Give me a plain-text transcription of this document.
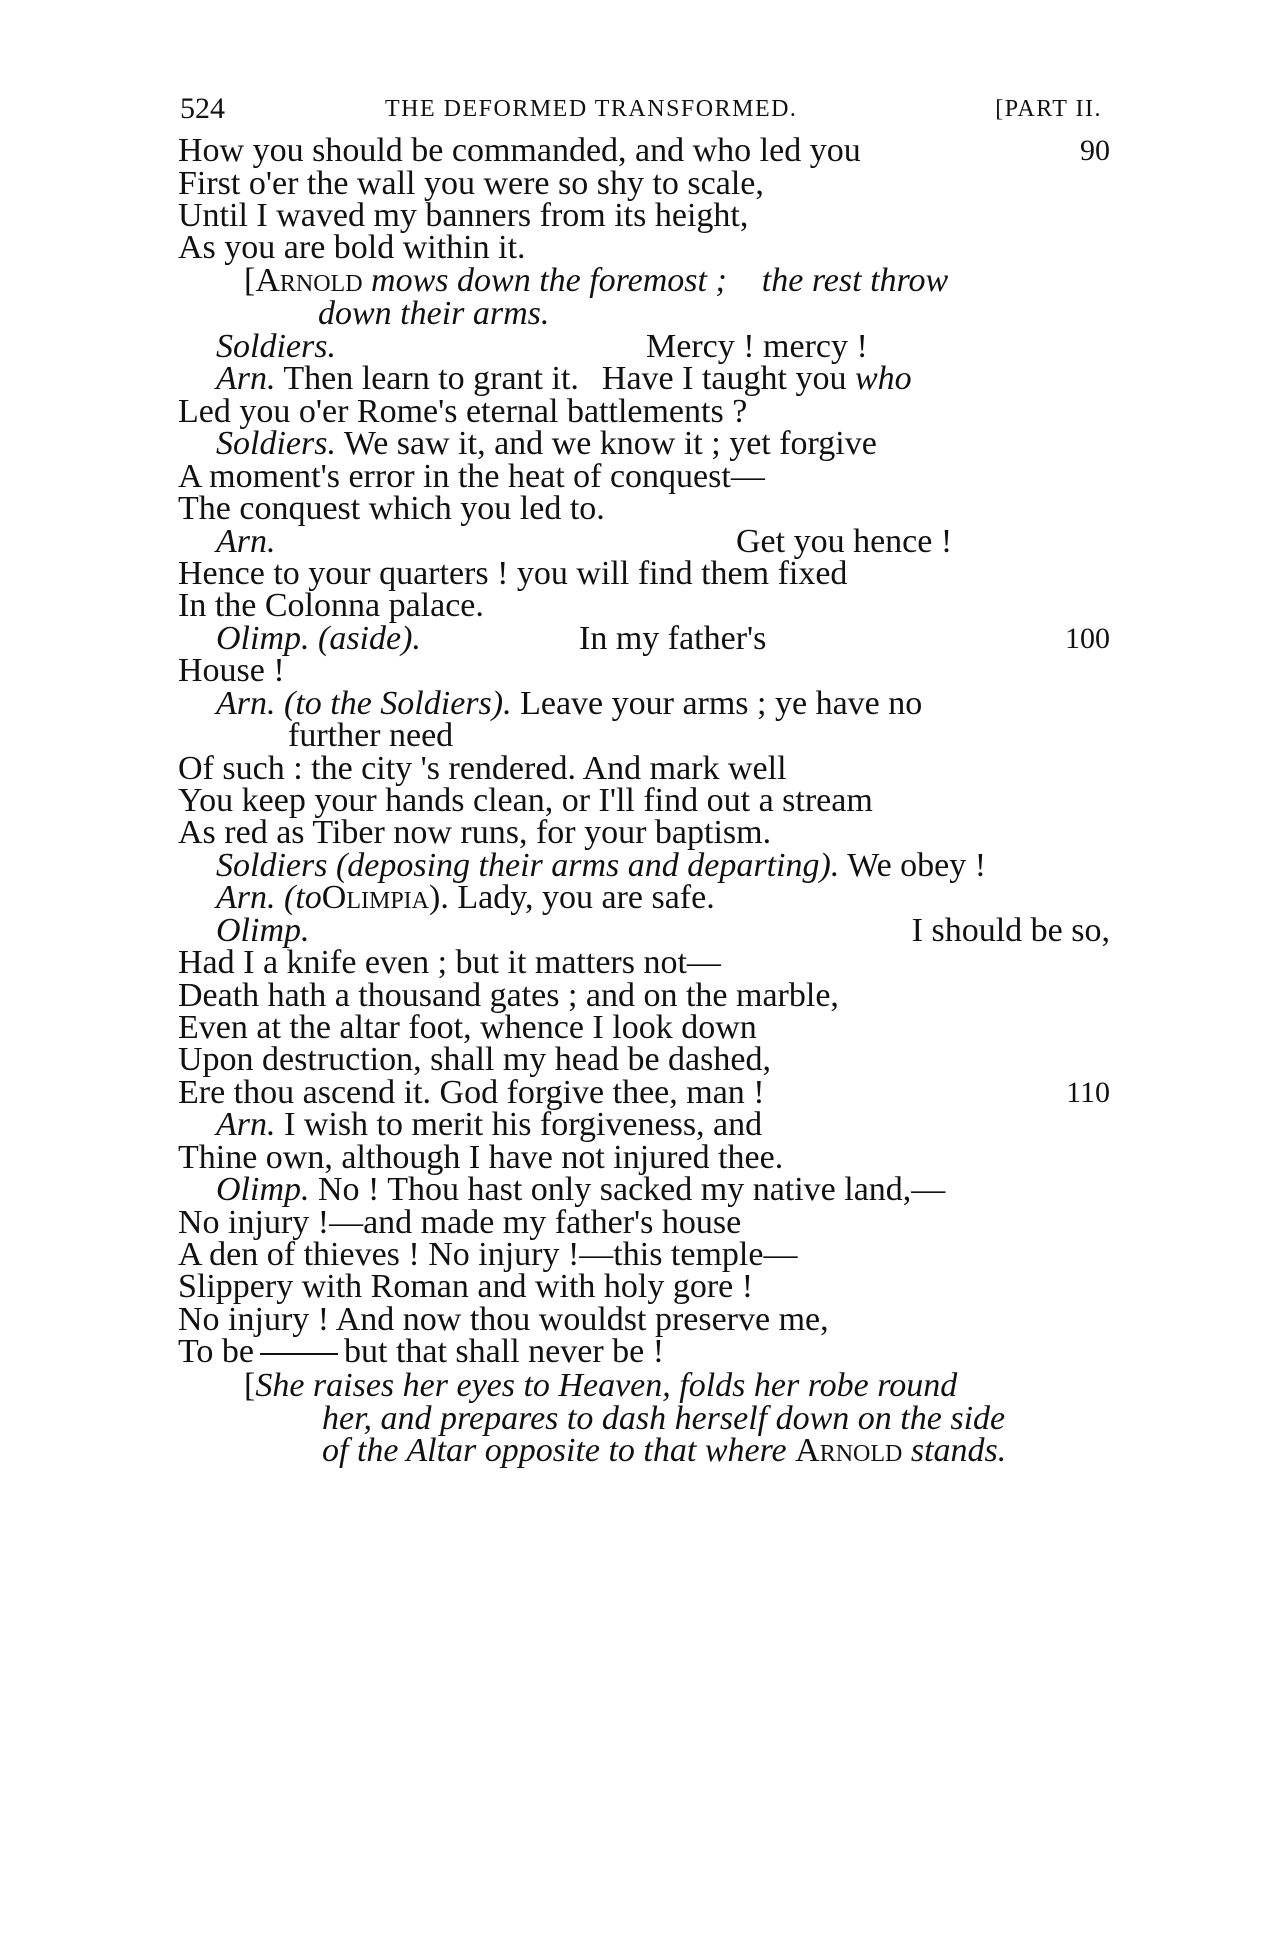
524	THE DEFORMED TRANSFORMED.	[PART II.
How you should be commanded, and who led you	90
First o'er the wall you were so shy to scale,
Until I waved my banners from its height,
As you are bold within it.
[Arnold mows down the foremost ; the rest throw
down their arms.
Soldiers.	Mercy ! mercy !
Arn. Then learn to grant it. Have I taught you who
Led you o'er Rome's eternal battlements ?
Soldiers. We saw it, and we know it ; yet forgive
A moment's error in the heat of conquest—
The conquest which you led to.
Arn.	Get you hence !
Hence to your quarters ! you will find them fixed
In the Colonna palace.
Olimp. (aside).	In my father's	100
House !
Arn. (to the Soldiers). Leave your arms ; ye have no
further need
Of such : the city 's rendered. And mark well
You keep your hands clean, or I'll find out a stream
As red as Tiber now runs, for your baptism.
Soldiers (deposing their arms and departing). We obey !
Arn. (toOlimpia). Lady, you are safe.
Olimp.	I should be so,
Had I a knife even ; but it matters not—
Death hath a thousand gates ; and on the marble,
Even at the altar foot, whence I look down
Upon destruction, shall my head be dashed,
Ere thou ascend it. God forgive thee, man !	110
Arn. I wish to merit his forgiveness, and
Thine own, although I have not injured thee.
Olimp. No ! Thou hast only sacked my native land,—
No injury !—and made my father's house
A den of thieves ! No injury !—this temple—
Slippery with Roman and with holy gore !
No injury ! And now thou wouldst preserve me,
To be	but that shall never be !
[She raises her eyes to Heaven, folds her robe round
her, and prepares to dash herself down on the side
of the Altar opposite to that where Arnold stands.
